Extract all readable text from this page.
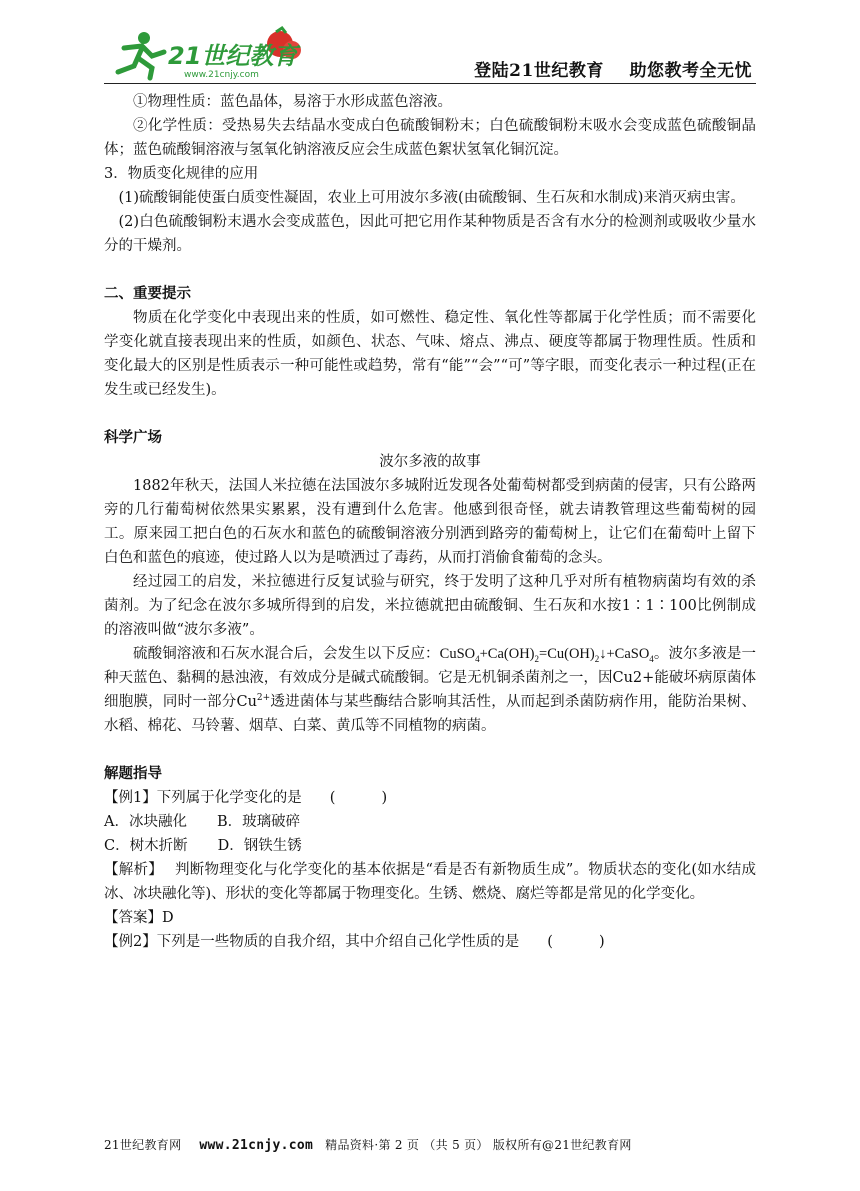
21世纪教育
www.21cnjy.com	登陆21世纪教育    助您教考全无忧

①物理性质：蓝色晶体，易溶于水形成蓝色溶液。

②化学性质：受热易失去结晶水变成白色硫酸铜粉末；白色硫酸铜粉末吸水会变成蓝色硫酸铜晶体；蓝色硫酸铜溶液与氢氧化钠溶液反应会生成蓝色絮状氢氧化铜沉淀。

3．物质变化规律的应用

(1)硫酸铜能使蛋白质变性凝固，农业上可用波尔多液(由硫酸铜、生石灰和水制成)来消灭病虫害。

(2)白色硫酸铜粉末遇水会变成蓝色，因此可把它用作某种物质是否含有水分的检测剂或吸收少量水分的干燥剂。

二、重要提示

物质在化学变化中表现出来的性质，如可燃性、稳定性、氧化性等都属于化学性质；而不需要化学变化就直接表现出来的性质，如颜色、状态、气味、熔点、沸点、硬度等都属于物理性质。性质和变化最大的区别是性质表示一种可能性或趋势，常有“能”“会”“可”等字眼，而变化表示一种过程(正在发生或已经发生)。

科学广场

波尔多液的故事

1882年秋天，法国人米拉德在法国波尔多城附近发现各处葡萄树都受到病菌的侵害，只有公路两旁的几行葡萄树依然果实累累，没有遭到什么危害。他感到很奇怪，就去请教管理这些葡萄树的园工。原来园工把白色的石灰水和蓝色的硫酸铜溶液分别洒到路旁的葡萄树上，让它们在葡萄叶上留下白色和蓝色的痕迹，使过路人以为是喷洒过了毒药，从而打消偷食葡萄的念头。

经过园工的启发，米拉德进行反复试验与研究，终于发明了这种几乎对所有植物病菌均有效的杀菌剂。为了纪念在波尔多城所得到的启发，米拉德就把由硫酸铜、生石灰和水按1∶1∶100比例制成的溶液叫做“波尔多液”。

硫酸铜溶液和石灰水混合后，会发生以下反应：$CuSO_4+Ca(OH)_2=Cu(OH)_2↓+CaSO_4$。波尔多液是一种天蓝色、黏稠的悬浊液，有效成分是碱式硫酸铜。它是无机铜杀菌剂之一，因Cu2+能破坏病原菌体细胞膜，同时一部分$Cu^{2+}$透进菌体与某些酶结合影响其活性，从而起到杀菌防病作用，能防治果树、水稻、棉花、马铃薯、烟草、白菜、黄瓜等不同植物的病菌。

解题指导

【例1】下列属于化学变化的是 (          )

A．冰块融化 B．玻璃破碎

C．树木折断 D．钢铁生锈

【解析】 判断物理变化与化学变化的基本依据是“看是否有新物质生成”。物质状态的变化(如水结成冰、冰块融化等)、形状的变化等都属于物理变化。生锈、燃烧、腐烂等都是常见的化学变化。

【答案】D

【例2】下列是一些物质的自我介绍，其中介绍自己化学性质的是 (          )

21世纪教育网 www.21cnjy.com 精品资料·第 2 页 （共 5 页） 版权所有@21世纪教育网
